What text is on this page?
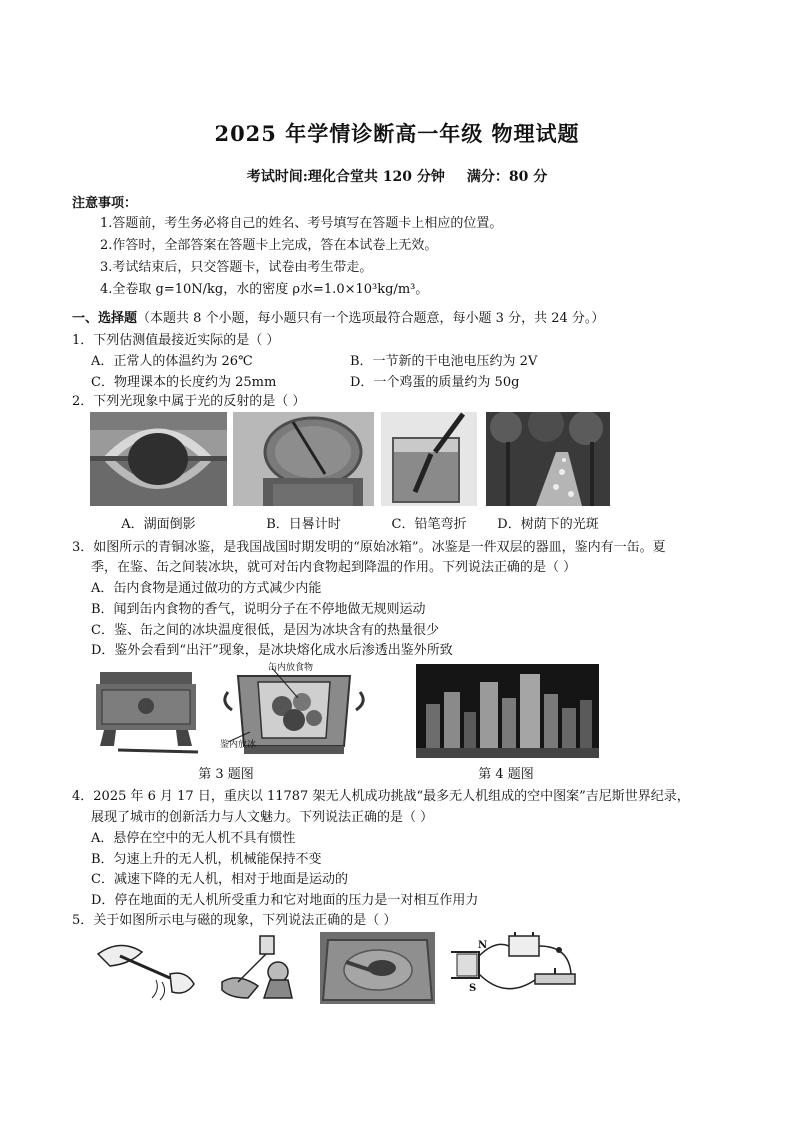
2025 年学情诊断高一年级 物理试题
考试时间:理化合堂共 120 分钟 满分：80 分
注意事项：
1.答题前，考生务必将自己的姓名、考号填写在答题卡上相应的位置。
2.作答时，全部答案在答题卡上完成，答在本试卷上无效。
3.考试结束后，只交答题卡，试卷由考生带走。
4.全卷取 g=10N/kg，水的密度 ρ水=1.0×10³kg/m³。
一、选择题（本题共 8 个小题，每小题只有一个选项最符合题意，每小题 3 分，共 24 分。）
1．下列估测值最接近实际的是（ ）
A．正常人的体温约为 26℃	B．一节新的干电池电压约为 2V
C．物理课本的长度约为 25mm	D．一个鸡蛋的质量约为 50g
2．下列光现象中属于光的反射的是（ ）
A．湖面倒影	B．日晷计时	C．铅笔弯折	D．树荫下的光斑
3．如图所示的青铜冰鉴，是我国战国时期发明的“原始冰箱”。冰鉴是一件双层的器皿，鉴内有一缶。夏
季，在鉴、缶之间装冰块，就可对缶内食物起到降温的作用。下列说法正确的是（ ）
A．缶内食物是通过做功的方式减少内能
B．闻到缶内食物的香气，说明分子在不停地做无规则运动
C．鉴、缶之间的冰块温度很低，是因为冰块含有的热量很少
D．鉴外会看到“出汗”现象，是冰块熔化成水后渗透出鉴外所致
缶内放食物
鉴内放冰
第 3 题图	第 4 题图
4．2025 年 6 月 17 日，重庆以 11787 架无人机成功挑战“最多无人机组成的空中图案”吉尼斯世界纪录，
展现了城市的创新活力与人文魅力。下列说法正确的是（ ）
A．悬停在空中的无人机不具有惯性
B．匀速上升的无人机，机械能保持不变
C．减速下降的无人机，相对于地面是运动的
D．停在地面的无人机所受重力和它对地面的压力是一对相互作用力
5．关于如图所示电与磁的现象，下列说法正确的是（ ）
N
S
